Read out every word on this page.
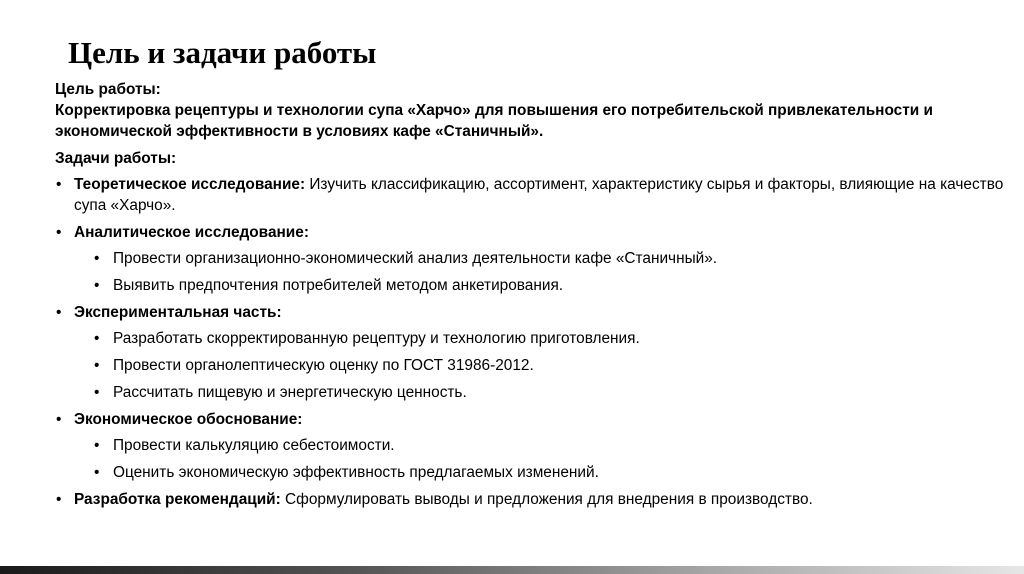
Цель и задачи работы
Цель работы:

Корректировка рецептуры и технологии супа «Харчо» для повышения его потребительской привлекательности и экономической эффективности в условиях кафе «Станичный».

Задачи работы:
• Теоретическое исследование: Изучить классификацию, ассортимент, характеристику сырья и факторы, влияющие на качество супа «Харчо».
• Аналитическое исследование:
• Провести организационно-экономический анализ деятельности кафе «Станичный».
• Выявить предпочтения потребителей методом анкетирования.
• Экспериментальная часть:
• Разработать скорректированную рецептуру и технологию приготовления.
• Провести органолептическую оценку по ГОСТ 31986-2012.
• Рассчитать пищевую и энергетическую ценность.
• Экономическое обоснование:
• Провести калькуляцию себестоимости.
• Оценить экономическую эффективность предлагаемых изменений.
• Разработка рекомендаций: Сформулировать выводы и предложения для внедрения в производство.
